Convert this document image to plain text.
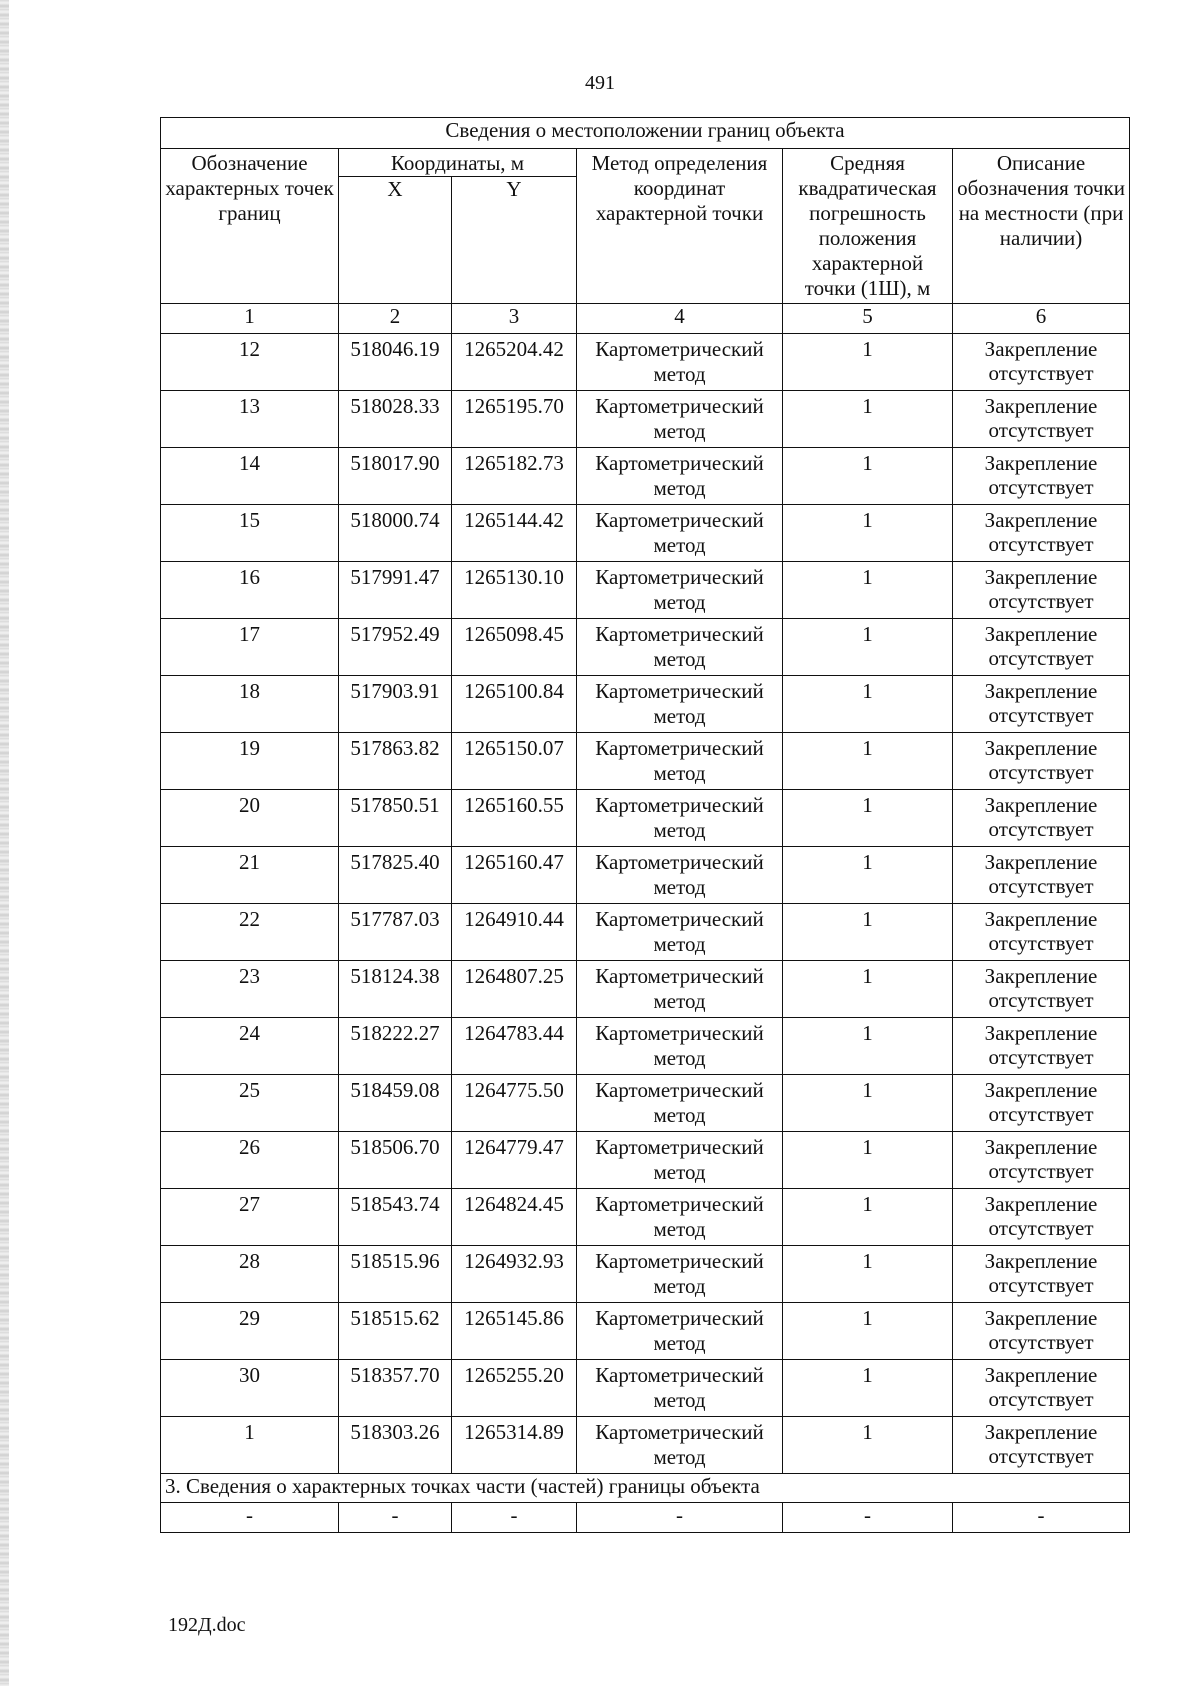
491
Сведения о местоположении границ объекта					
Обозначение характерных точек границ	Координаты, м		Метод определения координат характерной точки	Средняя квадратическая погрешность положения характерной точки (1Ш), м	Описание обозначения точки на местности (при наличии)
	X	Y			
1	2	3	4	5	6
12	518046.19	1265204.42	Картометрический метод	1	Закрепление отсутствует
13	518028.33	1265195.70	Картометрический метод	1	Закрепление отсутствует
14	518017.90	1265182.73	Картометрический метод	1	Закрепление отсутствует
15	518000.74	1265144.42	Картометрический метод	1	Закрепление отсутствует
16	517991.47	1265130.10	Картометрический метод	1	Закрепление отсутствует
17	517952.49	1265098.45	Картометрический метод	1	Закрепление отсутствует
18	517903.91	1265100.84	Картометрический метод	1	Закрепление отсутствует
19	517863.82	1265150.07	Картометрический метод	1	Закрепление отсутствует
20	517850.51	1265160.55	Картометрический метод	1	Закрепление отсутствует
21	517825.40	1265160.47	Картометрический метод	1	Закрепление отсутствует
22	517787.03	1264910.44	Картометрический метод	1	Закрепление отсутствует
23	518124.38	1264807.25	Картометрический метод	1	Закрепление отсутствует
24	518222.27	1264783.44	Картометрический метод	1	Закрепление отсутствует
25	518459.08	1264775.50	Картометрический метод	1	Закрепление отсутствует
26	518506.70	1264779.47	Картометрический метод	1	Закрепление отсутствует
27	518543.74	1264824.45	Картометрический метод	1	Закрепление отсутствует
28	518515.96	1264932.93	Картометрический метод	1	Закрепление отсутствует
29	518515.62	1265145.86	Картометрический метод	1	Закрепление отсутствует
30	518357.70	1265255.20	Картометрический метод	1	Закрепление отсутствует
1	518303.26	1265314.89	Картометрический метод	1	Закрепление отсутствует
3. Сведения о характерных точках части (частей) границы объекта					
-	-	-	-	-	-
192Д.doc
